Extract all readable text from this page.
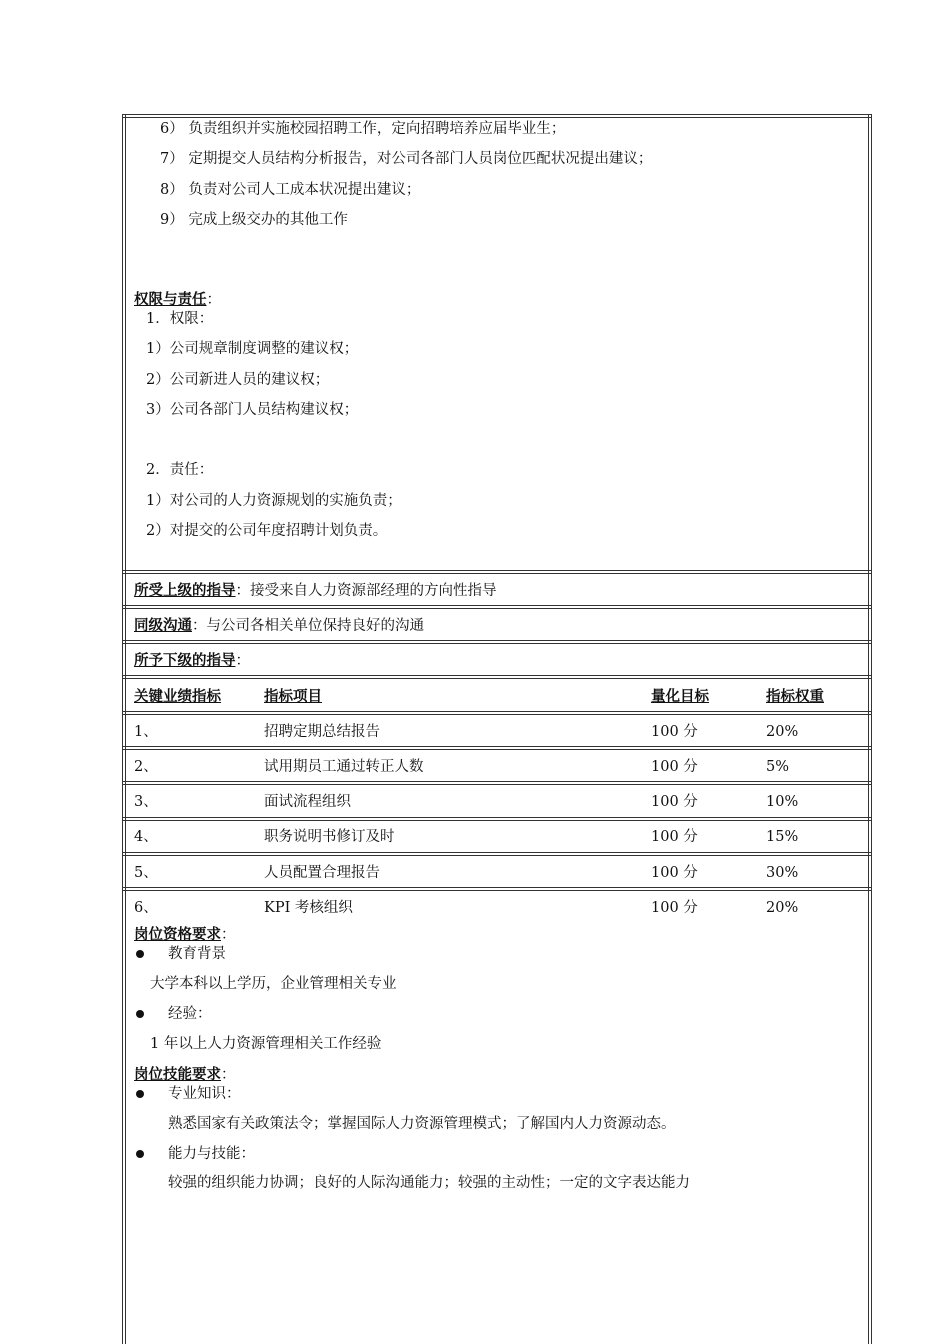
6） 负责组织并实施校园招聘工作，定向招聘培养应届毕业生；
7） 定期提交人员结构分析报告，对公司各部门人员岗位匹配状况提出建议；
8） 负责对公司人工成本状况提出建议；
9） 完成上级交办的其他工作
权限与责任：
1．权限：
1）公司规章制度调整的建议权；
2）公司新进人员的建议权；
3）公司各部门人员结构建议权；
2．责任：
1）对公司的人力资源规划的实施负责；
2）对提交的公司年度招聘计划负责。
所受上级的指导：接受来自人力资源部经理的方向性指导
同级沟通：与公司各相关单位保持良好的沟通
所予下级的指导：
关键业绩指标	指标项目	量化目标	指标权重
1、	招聘定期总结报告	100 分	20%
2、	试用期员工通过转正人数	100 分	5%
3、	面试流程组织	100 分	10%
4、	职务说明书修订及时	100 分	15%
5、	人员配置合理报告	100 分	30%
6、	KPI 考核组织	100 分	20%
岗位资格要求：
教育背景
大学本科以上学历，企业管理相关专业
经验：
1 年以上人力资源管理相关工作经验
岗位技能要求：
专业知识：
熟悉国家有关政策法令；掌握国际人力资源管理模式；了解国内人力资源动态。
能力与技能：
较强的组织能力协调；良好的人际沟通能力；较强的主动性；一定的文字表达能力
